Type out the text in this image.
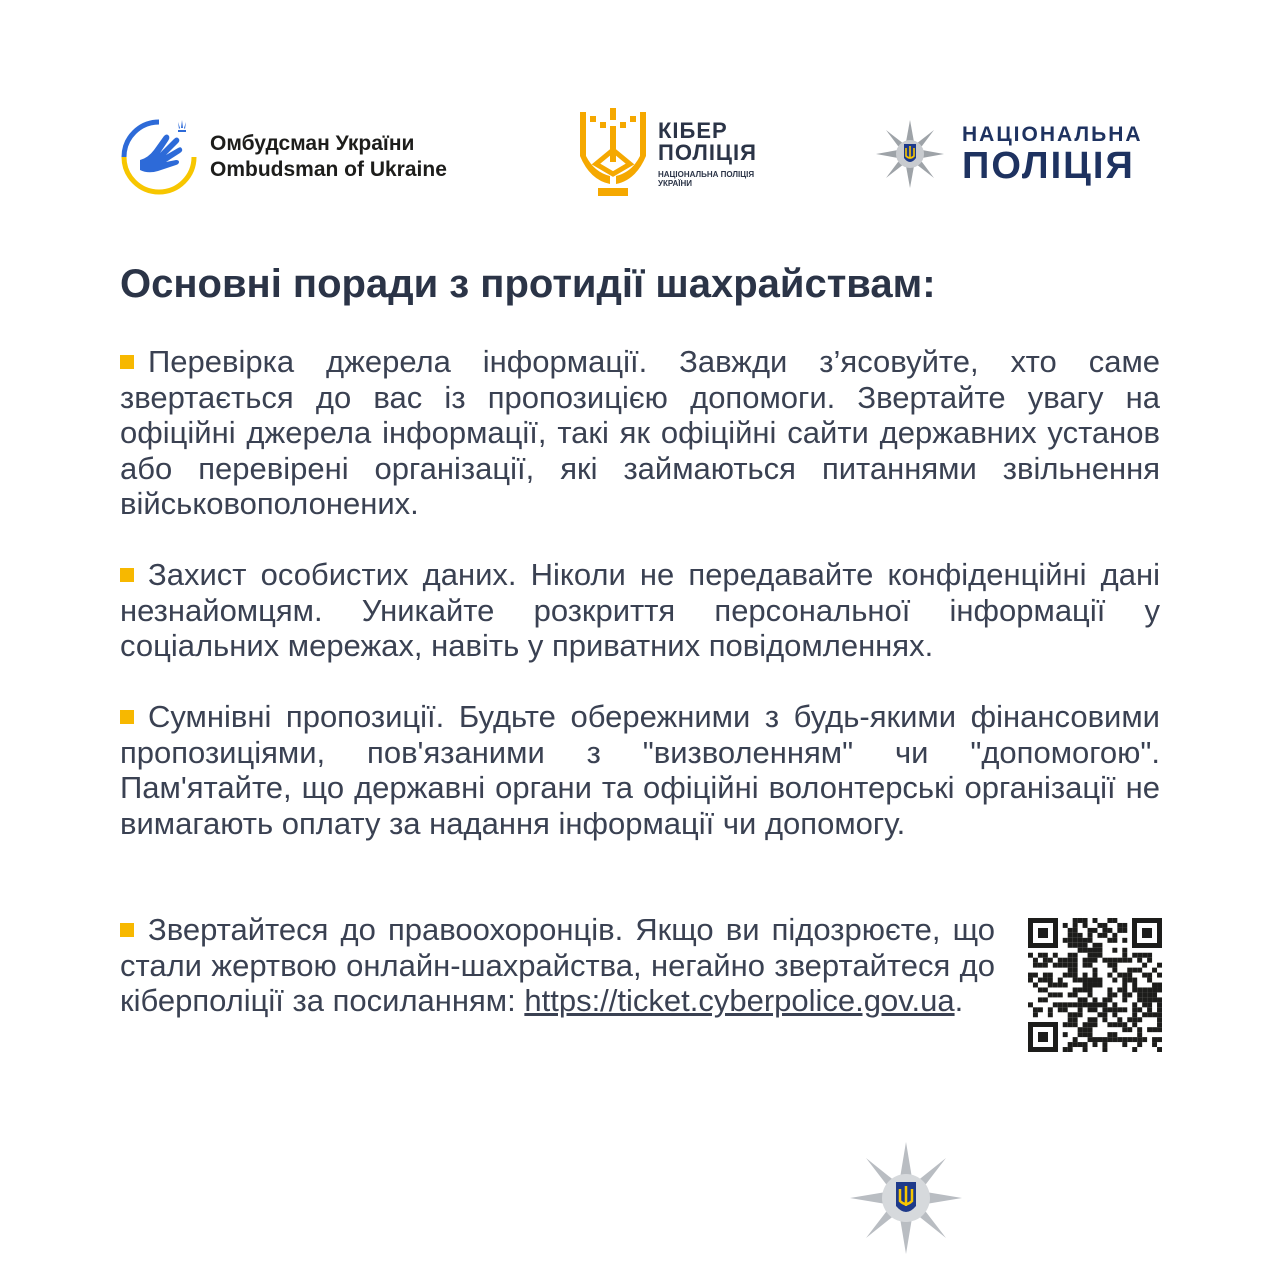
Омбудсман України
Ombudsman of Ukraine
КІБЕР
ПОЛІЦІЯ
НАЦІОНАЛЬНА ПОЛІЦІЯ
УКРАЇНИ
НАЦІОНАЛЬНА
ПОЛІЦІЯ
Основні поради з протидії шахрайствам:

Перевірка джерела інформації. Завжди з’ясовуйте, хто саме звертається до вас із пропозицією допомоги. Звертайте увагу на офіційні джерела інформації, такі як офіційні сайти державних установ або перевірені організації, які займаються питаннями звільнення військовополонених.

Захист особистих даних. Ніколи не передавайте конфіденційні дані незнайомцям. Уникайте розкриття персональної інформації у соціальних мережах, навіть у приватних повідомленнях.

Сумнівні пропозиції. Будьте обережними з будь-якими фінансовими пропозиціями, пов'язаними з "визволенням" чи "допомогою". Пам'ятайте, що державні органи та офіційні волонтерські організації не вимагають оплату за надання інформації чи допомогу.

Звертайтеся до правоохоронців. Якщо ви підозрюєте, що стали жертвою онлайн-шахрайства, негайно звертайтеся до кіберполіції за посиланням: https://ticket.cyberpolice.gov.ua.
